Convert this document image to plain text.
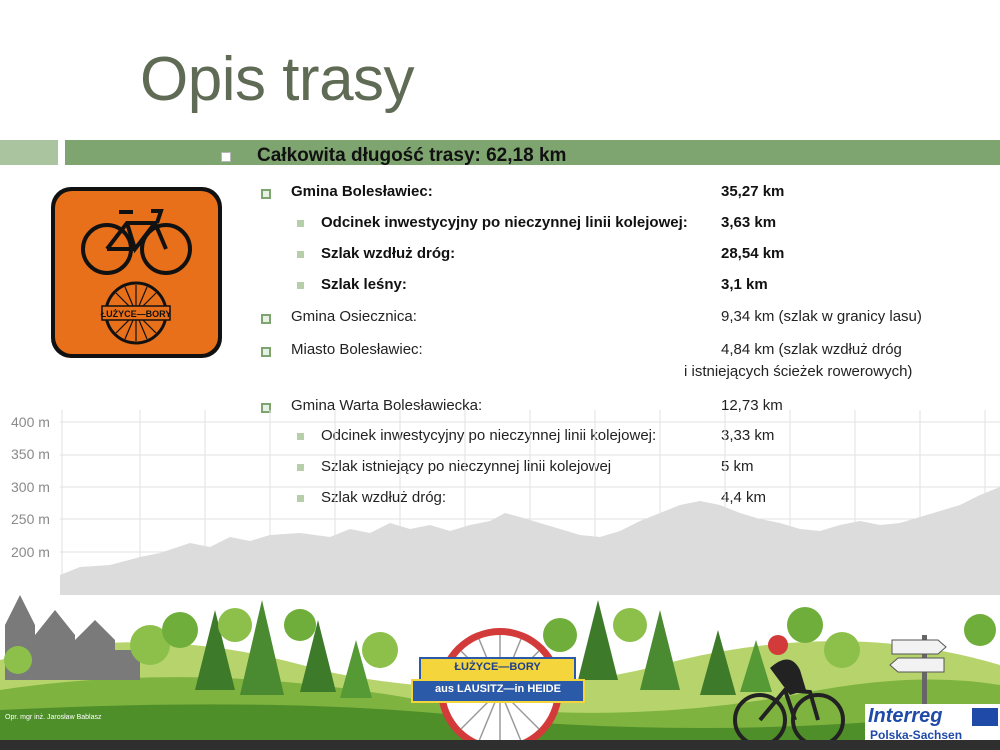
Opis trasy
Całkowita długość trasy: 62,18 km
ŁUŻYCE—BORY
Gmina Bolesławiec:	35,27 km
Odcinek inwestycyjny po nieczynnej linii kolejowej: 3,63 km
Szlak wzdłuż dróg:	28,54 km
Szlak leśny:	3,1 km
Gmina Osiecznica:	9,34 km (szlak w granicy lasu)
Miasto Bolesławiec:	4,84 km (szlak wzdłuż dróg
i istniejących ścieżek rowerowych)
Gmina Warta Bolesławiecka:	12,73 km
Odcinek inwestycyjny po nieczynnej linii kolejowej:	3,33 km
Szlak istniejący po nieczynnej linii kolejowej	5 km
Szlak wzdłuż dróg:	4,4 km
400 m
350 m
300 m
250 m
200 m
ŁUŻYCE—BORY
aus LAUSITZ—in HEIDE
Interreg
Polska-Sachsen
Opr. mgr inż. Jarosław Bablasz
